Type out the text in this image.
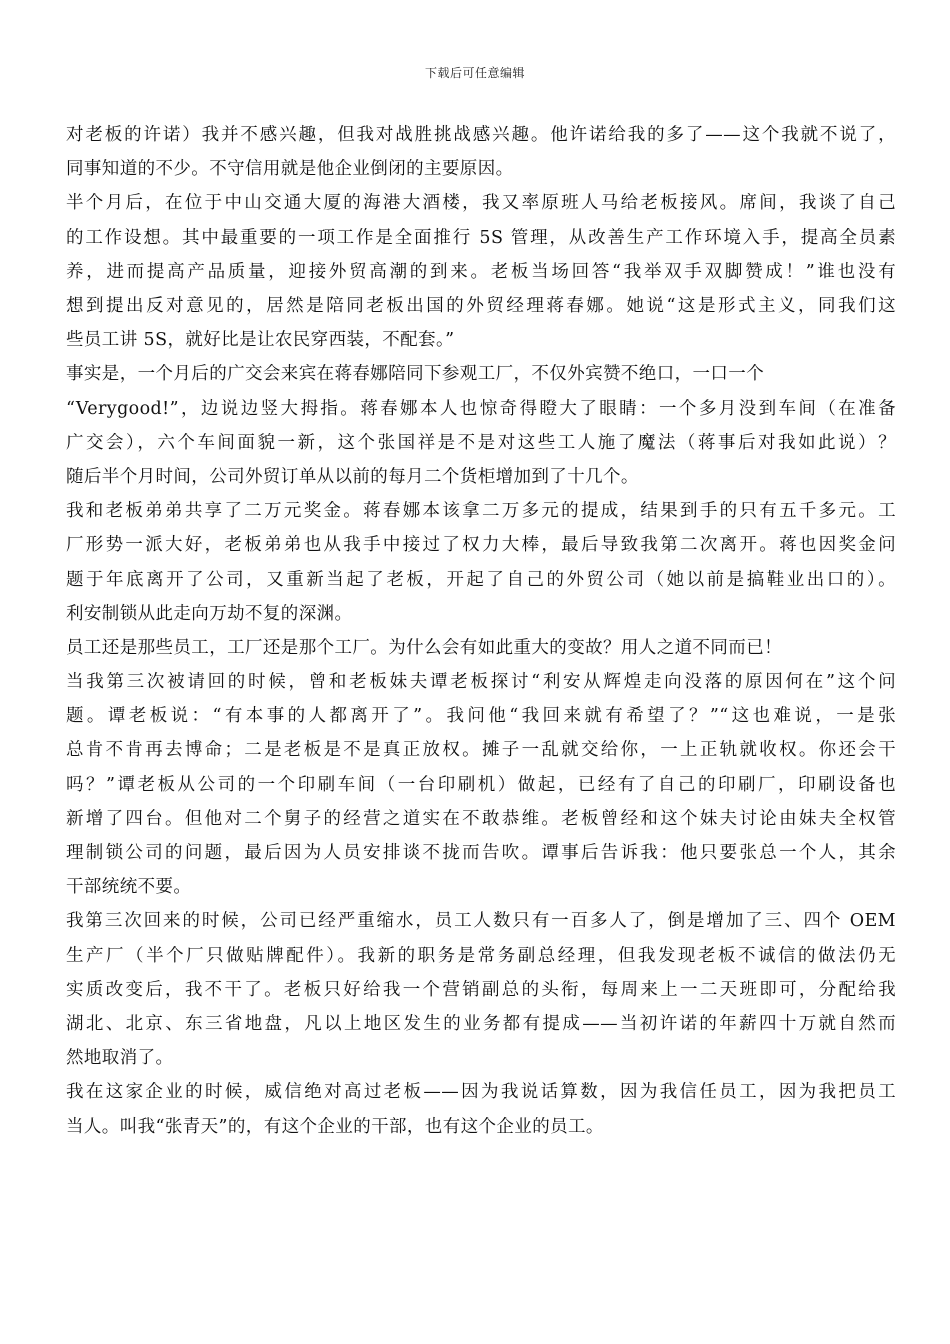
下载后可任意编辑
对老板的许诺）我并不感兴趣，但我对战胜挑战感兴趣。他许诺给我的多了——这个我就不说了，
同事知道的不少。不守信用就是他企业倒闭的主要原因。
半个月后，在位于中山交通大厦的海港大酒楼，我又率原班人马给老板接风。席间，我谈了自己
的工作设想。其中最重要的一项工作是全面推行 5S 管理，从改善生产工作环境入手，提高全员素
养，进而提高产品质量，迎接外贸高潮的到来。老板当场回答“我举双手双脚赞成！”谁也没有
想到提出反对意见的，居然是陪同老板出国的外贸经理蒋春娜。她说“这是形式主义，同我们这
些员工讲 5S，就好比是让农民穿西装，不配套。”
事实是，一个月后的广交会来宾在蒋春娜陪同下参观工厂，不仅外宾赞不绝口，一口一个
“Verygood!”，边说边竖大拇指。蒋春娜本人也惊奇得瞪大了眼睛：一个多月没到车间（在准备
广交会），六个车间面貌一新，这个张国祥是不是对这些工人施了魔法（蒋事后对我如此说）？
随后半个月时间，公司外贸订单从以前的每月二个货柜增加到了十几个。
我和老板弟弟共享了二万元奖金。蒋春娜本该拿二万多元的提成，结果到手的只有五千多元。工
厂形势一派大好，老板弟弟也从我手中接过了权力大棒，最后导致我第二次离开。蒋也因奖金问
题于年底离开了公司，又重新当起了老板，开起了自己的外贸公司（她以前是搞鞋业出口的）。
利安制锁从此走向万劫不复的深渊。
员工还是那些员工，工厂还是那个工厂。为什么会有如此重大的变故？用人之道不同而已！
当我第三次被请回的时候，曾和老板妹夫谭老板探讨“利安从辉煌走向没落的原因何在”这个问
题。谭老板说：“有本事的人都离开了”。我问他“我回来就有希望了？”“这也难说，一是张
总肯不肯再去博命；二是老板是不是真正放权。摊子一乱就交给你，一上正轨就收权。你还会干
吗？”谭老板从公司的一个印刷车间（一台印刷机）做起，已经有了自己的印刷厂，印刷设备也
新增了四台。但他对二个舅子的经营之道实在不敢恭维。老板曾经和这个妹夫讨论由妹夫全权管
理制锁公司的问题，最后因为人员安排谈不拢而告吹。谭事后告诉我：他只要张总一个人，其余
干部统统不要。
我第三次回来的时候，公司已经严重缩水，员工人数只有一百多人了，倒是增加了三、四个 OEM
生产厂（半个厂只做贴牌配件）。我新的职务是常务副总经理，但我发现老板不诚信的做法仍无
实质改变后，我不干了。老板只好给我一个营销副总的头衔，每周来上一二天班即可，分配给我
湖北、北京、东三省地盘，凡以上地区发生的业务都有提成——当初许诺的年薪四十万就自然而
然地取消了。
我在这家企业的时候，威信绝对高过老板——因为我说话算数，因为我信任员工，因为我把员工
当人。叫我“张青天”的，有这个企业的干部，也有这个企业的员工。
